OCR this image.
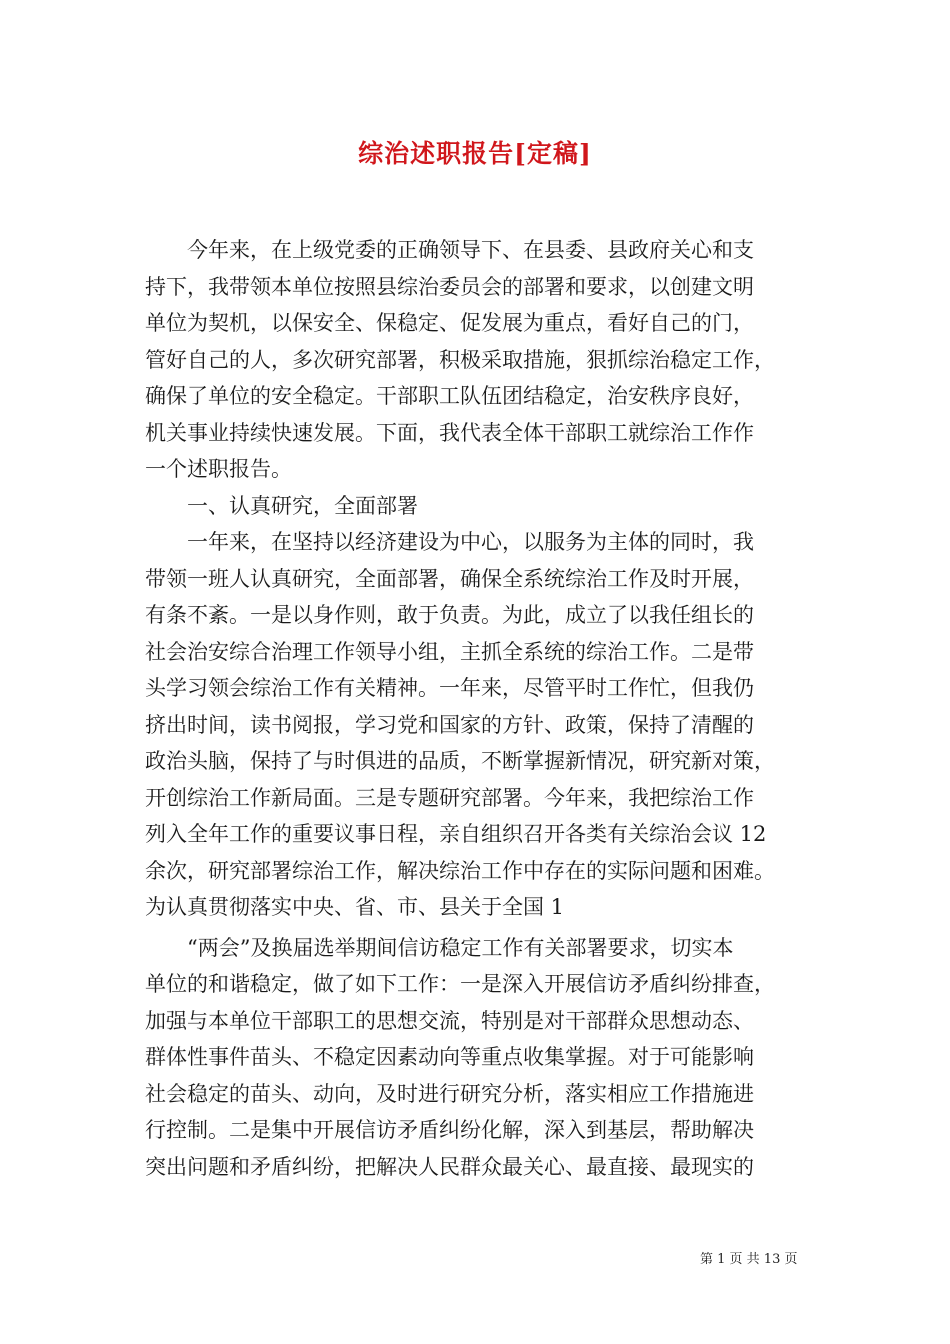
综治述职报告[定稿]

　　今年来，在上级党委的正确领导下、在县委、县政府关心和支
持下，我带领本单位按照县综治委员会的部署和要求，以创建文明
单位为契机，以保安全、保稳定、促发展为重点，看好自己的门，
管好自己的人，多次研究部署，积极采取措施，狠抓综治稳定工作，
确保了单位的安全稳定。干部职工队伍团结稳定，治安秩序良好，
机关事业持续快速发展。下面，我代表全体干部职工就综治工作作
一个述职报告。

　　一、认真研究，全面部署

　　一年来，在坚持以经济建设为中心，以服务为主体的同时，我
带领一班人认真研究，全面部署，确保全系统综治工作及时开展，
有条不紊。一是以身作则，敢于负责。为此，成立了以我任组长的
社会治安综合治理工作领导小组，主抓全系统的综治工作。二是带
头学习领会综治工作有关精神。一年来，尽管平时工作忙，但我仍
挤出时间，读书阅报，学习党和国家的方针、政策，保持了清醒的
政治头脑，保持了与时俱进的品质，不断掌握新情况，研究新对策，
开创综治工作新局面。三是专题研究部署。今年来，我把综治工作
列入全年工作的重要议事日程，亲自组织召开各类有关综治会议 12
余次，研究部署综治工作，解决综治工作中存在的实际问题和困难。
为认真贯彻落实中央、省、市、县关于全国 1

　　“两会”及换届选举期间信访稳定工作有关部署要求，切实本
单位的和谐稳定，做了如下工作：一是深入开展信访矛盾纠纷排查，
加强与本单位干部职工的思想交流，特别是对干部群众思想动态、
群体性事件苗头、不稳定因素动向等重点收集掌握。对于可能影响
社会稳定的苗头、动向，及时进行研究分析，落实相应工作措施进
行控制。二是集中开展信访矛盾纠纷化解，深入到基层，帮助解决
突出问题和矛盾纠纷，把解决人民群众最关心、最直接、最现实的

第 1 页 共 13 页
